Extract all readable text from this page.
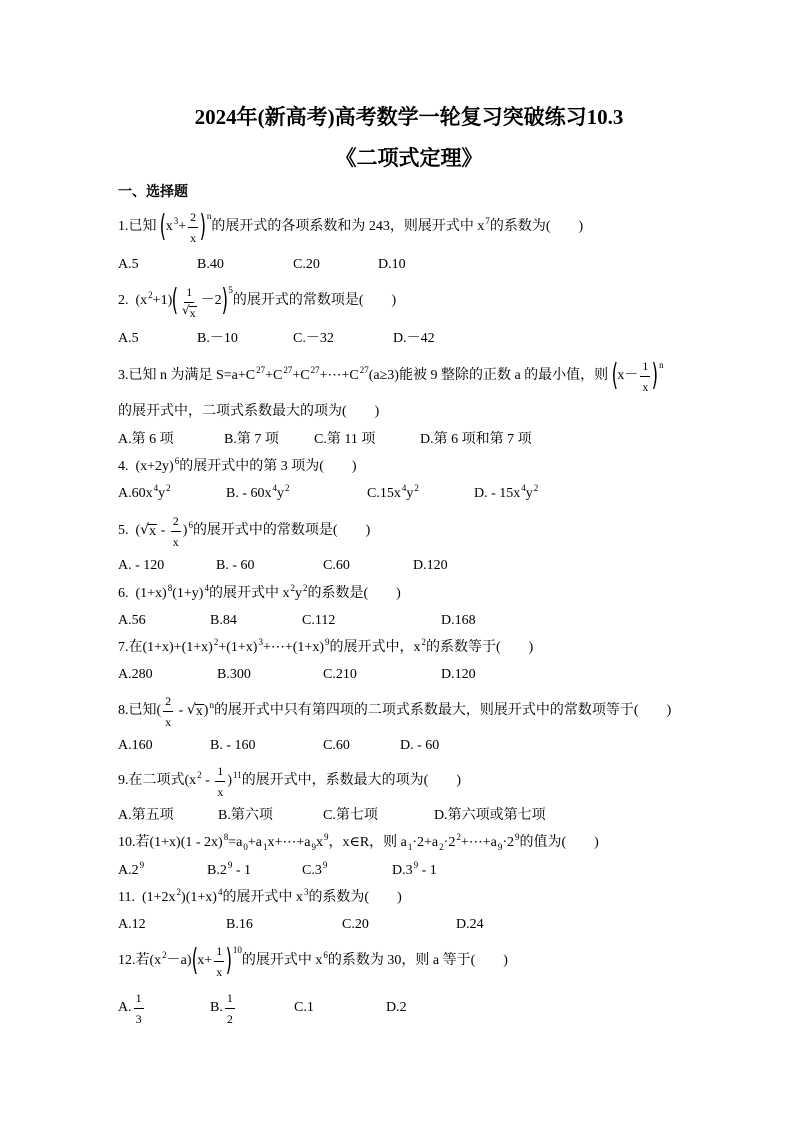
2024年(新高考)高考数学一轮复习突破练习10.3
《二项式定理》
一、选择题
1.已知 ( x $3 + \frac{2}{x}$ ) n
的展开式的各项系数和为 243，则展开式中 x 7 的系数为(　　)
A.5	B.40	C.20	D.10
2.  (x 2 +1) ( 1
√ x －2 ) 5
的展开式的常数项是(　　)
A.5	B.－10	C.－32	D.－42
3.已知 n 为满足 S=a+C 27 +C 27 +C 27 +⋯+C 27 (a≥3)能被 9 整除的正数 a 的最小值，则 ( $x- \frac{1}{x}$ ) n
的展开式中，二项式系数最大的项为(　　)
A.第 6 项	B.第 7 项	C.第 11 项	D.第 6 项和第 7 项
4.  (x+2y) 6 的展开式中的第 3 项为(　　)
A.60x 4 y 2	B. - 60x 4 y 2	C.15x 4 y 2	D. - 15x 4 y 2
5.  ( √ x - $\frac{2}{x}$ ) 6 的展开式中的常数项是(　　)
A. - 120	B. - 60	C.60	D.120
6.  (1+x) 8 (1+y) 4 的展开式中 x 2 y 2 的系数是(　　)
A.56	B.84	C.112	D.168
7.在(1+x)+(1+x) 2 +(1+x) 3 +⋯+(1+x) 9 的展开式中，x 2 的系数等于(　　)
A.280	B.300	C.210	D.120
8.已知( $\frac{2}{x}$ - √ x ) n 的展开式中只有第四项的二项式系数最大，则展开式中的常数项等于(　　)
A.160	B. - 160	C.60	D. - 60
9.在二项式(x $2 - \frac{1}{x}$ ) 11 的展开式中，系数最大的项为(　　)
A.第五项	B.第六项	C.第七项	D.第六项或第七项
10.若(1+x)(1 - 2x) 8 =a 0 +a 1 x+⋯+a 9 x 9 ，x∈R，则 a 1 ·2+a 2 ·2 2 +⋯+a 9 ·2 9 的值为(　　)
A.2 9	B.2 9 - 1	C.3 9	D.3 9 - 1
11.  (1+2x 2 )(1+x) 4 的展开式中 x 3 的系数为(　　)
A.12	B.16	C.20	D.24
12.若(x 2 －a) ( $x+ \frac{1}{x}$ ) 10
的展开式中 x 6 的系数为 30，则 a 等于(　　)
A. $\frac{1}{3}$	B. $\frac{1}{2}$	C.1	D.2
